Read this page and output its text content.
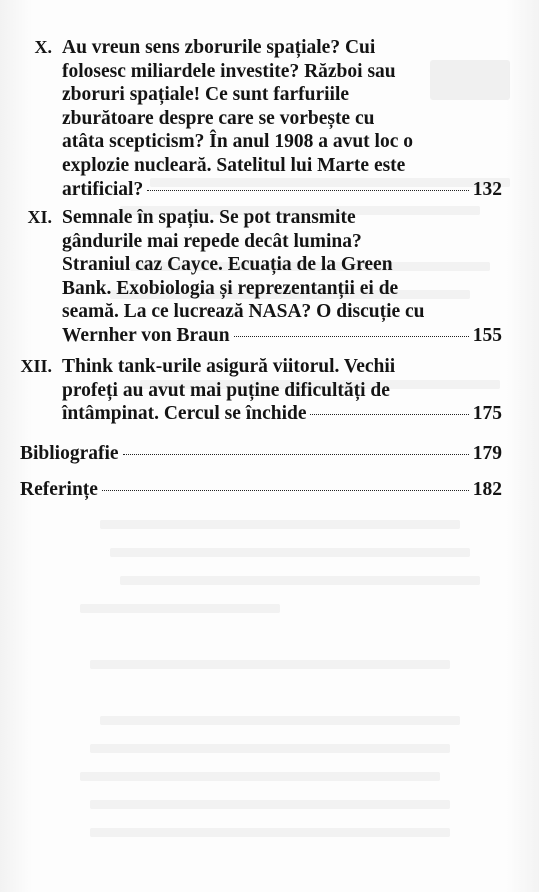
X. Au vreun sens zborurile spațiale? Cui
folosesc miliardele investite? Război sau
zboruri spațiale! Ce sunt farfuriile
zburătoare despre care se vorbește cu
atâta scepticism? În anul 1908 a avut loc o
explozie nucleară. Satelitul lui Marte este
artificial?	132
XI. Semnale în spațiu. Se pot transmite
gândurile mai repede decât lumina?
Straniul caz Cayce. Ecuația de la Green
Bank. Exobiologia și reprezentanții ei de
seamă. La ce lucrează NASA? O discuție cu
Wernher von Braun	155
XII. Think tank-urile asigură viitorul. Vechii
profeți au avut mai puține dificultăți de
întâmpinat. Cercul se închide	175
Bibliografie	179
Referințe	182
